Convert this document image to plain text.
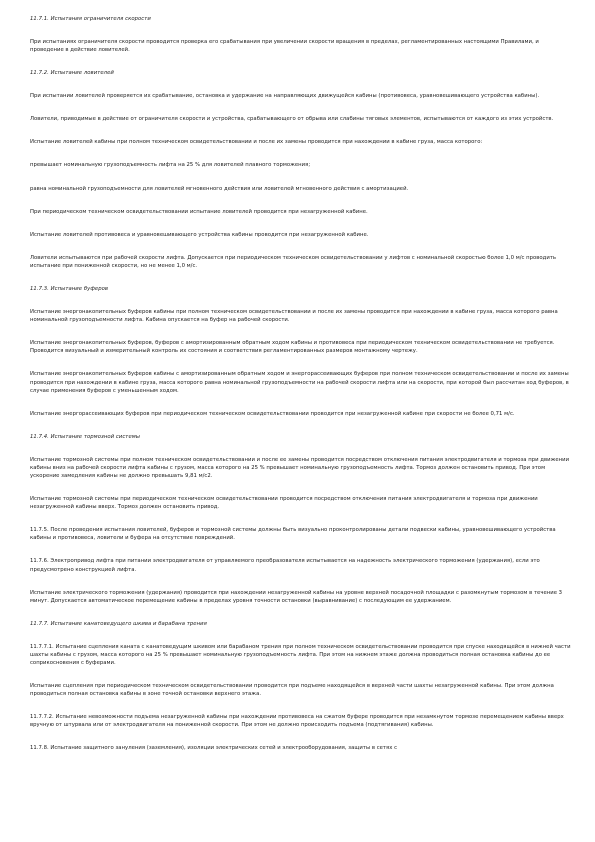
11.7.1. Испытания ограничителя скорости
При испытаниях ограничителя скорости проводится проверка его срабатывания при увеличении скорости вращения в пределах, регламентированных настоящими Правилами, и проведение в действие ловителей.
11.7.2. Испытание ловителей
При испытании ловителей проверяется их срабатывание, остановка и удержание на направляющих движущейся кабины (противовеса, уравновешивающего устройства кабины).
Ловители, приводимые в действие от ограничителя скорости и устройства, срабатывающего от обрыва или слабины тяговых элементов, испытываются от каждого из этих устройств.
Испытание ловителей кабины при полном техническом освидетельствовании и после их замены проводится при нахождении в кабине груза, масса которого:
превышает номинальную грузоподъемность лифта на 25 % для ловителей плавного торможения;
равна номинальной грузоподъемности для ловителей мгновенного действия или ловителей мгновенного действия с амортизацией.
При периодическом техническом освидетельствовании испытание ловителей проводится при незагруженной кабине.
Испытание ловителей противовеса и уравновешивающего устройства кабины проводится при незагруженной кабине.
Ловители испытываются при рабочей скорости лифта. Допускается при периодическом техническом освидетельствовании у лифтов с номинальной скоростью более 1,0 м/с проводить испытание при пониженной скорости, но не менее 1,0 м/с.
11.7.3. Испытание буферов
Испытание энергонакопительных буферов кабины при полном техническом освидетельствовании и после их замены проводится при нахождении в кабине груза, масса которого равна номинальной грузоподъемности лифта. Кабина опускается на буфер на рабочей скорости.
Испытание энергонакопительных буферов, буферов с амортизированным обратным ходом кабины и противовеса при периодическом техническом освидетельствовании не требуется. Проводится визуальный и измерительный контроль их состояния и соответствия регламентированных размеров монтажному чертежу.
Испытание энергонакопительных буферов кабины с амортизированным обратным ходом и энергорассеивающих буферов при полном техническом освидетельствовании и после их замены проводится при нахождении в кабине груза, масса которого равна номинальной грузоподъемности на рабочей скорости лифта или на скорости, при которой был рассчитан ход буферов, в случае применения буферов с уменьшенным ходом.
Испытание энергорассеивающих буферов при периодическом техническом освидетельствовании проводится при незагруженной кабине при скорости не более 0,71 м/с.
11.7.4. Испытание тормозной системы
Испытание тормозной системы при полном техническом освидетельствовании и после ее замены проводится посредством отключения питания электродвигателя и тормоза при движении кабины вниз на рабочей скорости лифта кабины с грузом, масса которого на 25 % превышает номинальную грузоподъемность лифта. Тормоз должен остановить привод. При этом ускорение замедления кабины не должно превышать 9,81 м/с2.
Испытание тормозной системы при периодическом техническом освидетельствовании проводится посредством отключения питания электродвигателя и тормоза при движении незагруженной кабины вверх. Тормоз должен остановить привод.
11.7.5. После проведения испытания ловителей, буферов и тормозной системы должны быть визуально проконтролированы детали подвески кабины, уравновешивающего устройства кабины и противовеса, ловители и буфера на отсутствие повреждений.
11.7.6. Электропривод лифта при питании электродвигателя от управляемого преобразователя испытывается на надежность электрического торможения (удержания), если это предусмотрено конструкцией лифта.
Испытание электрического торможения (удержания) проводится при нахождении незагруженной кабины на уровне верхней посадочной площадки с разомкнутым тормозом в течение 3 минут. Допускается автоматическое перемещение кабины в пределах уровня точности остановки (выравнивание) с последующим ее удержанием.
11.7.7. Испытание канатоведущего шкива и барабана трения
11.7.7.1. Испытание сцепления каната с канатоведущим шкивом или барабаном трения при полном техническом освидетельствовании проводится при спуске находящейся в нижней части шахты кабины с грузом, масса которого на 25 % превышает номинальную грузоподъемность лифта. При этом на нижнем этаже должна проводиться полная остановка кабины до ее соприкосновения с буферами.
Испытание сцепления при периодическом техническом освидетельствовании проводится при подъеме находящейся в верхней части шахты незагруженной кабины. При этом должна проводиться полная остановка кабины в зоне точной остановки верхнего этажа.
11.7.7.2. Испытание невозможности подъема незагруженной кабины при нахождении противовеса на сжатом буфере проводится при незамкнутом тормозе перемещением кабины вверх вручную от штурвала или от электродвигателя на пониженной скорости. При этом не должно происходить подъема (подтягивания) кабины.
11.7.8. Испытание защитного зануления (заземления), изоляции электрических сетей и электрооборудования, защиты в сетях с
